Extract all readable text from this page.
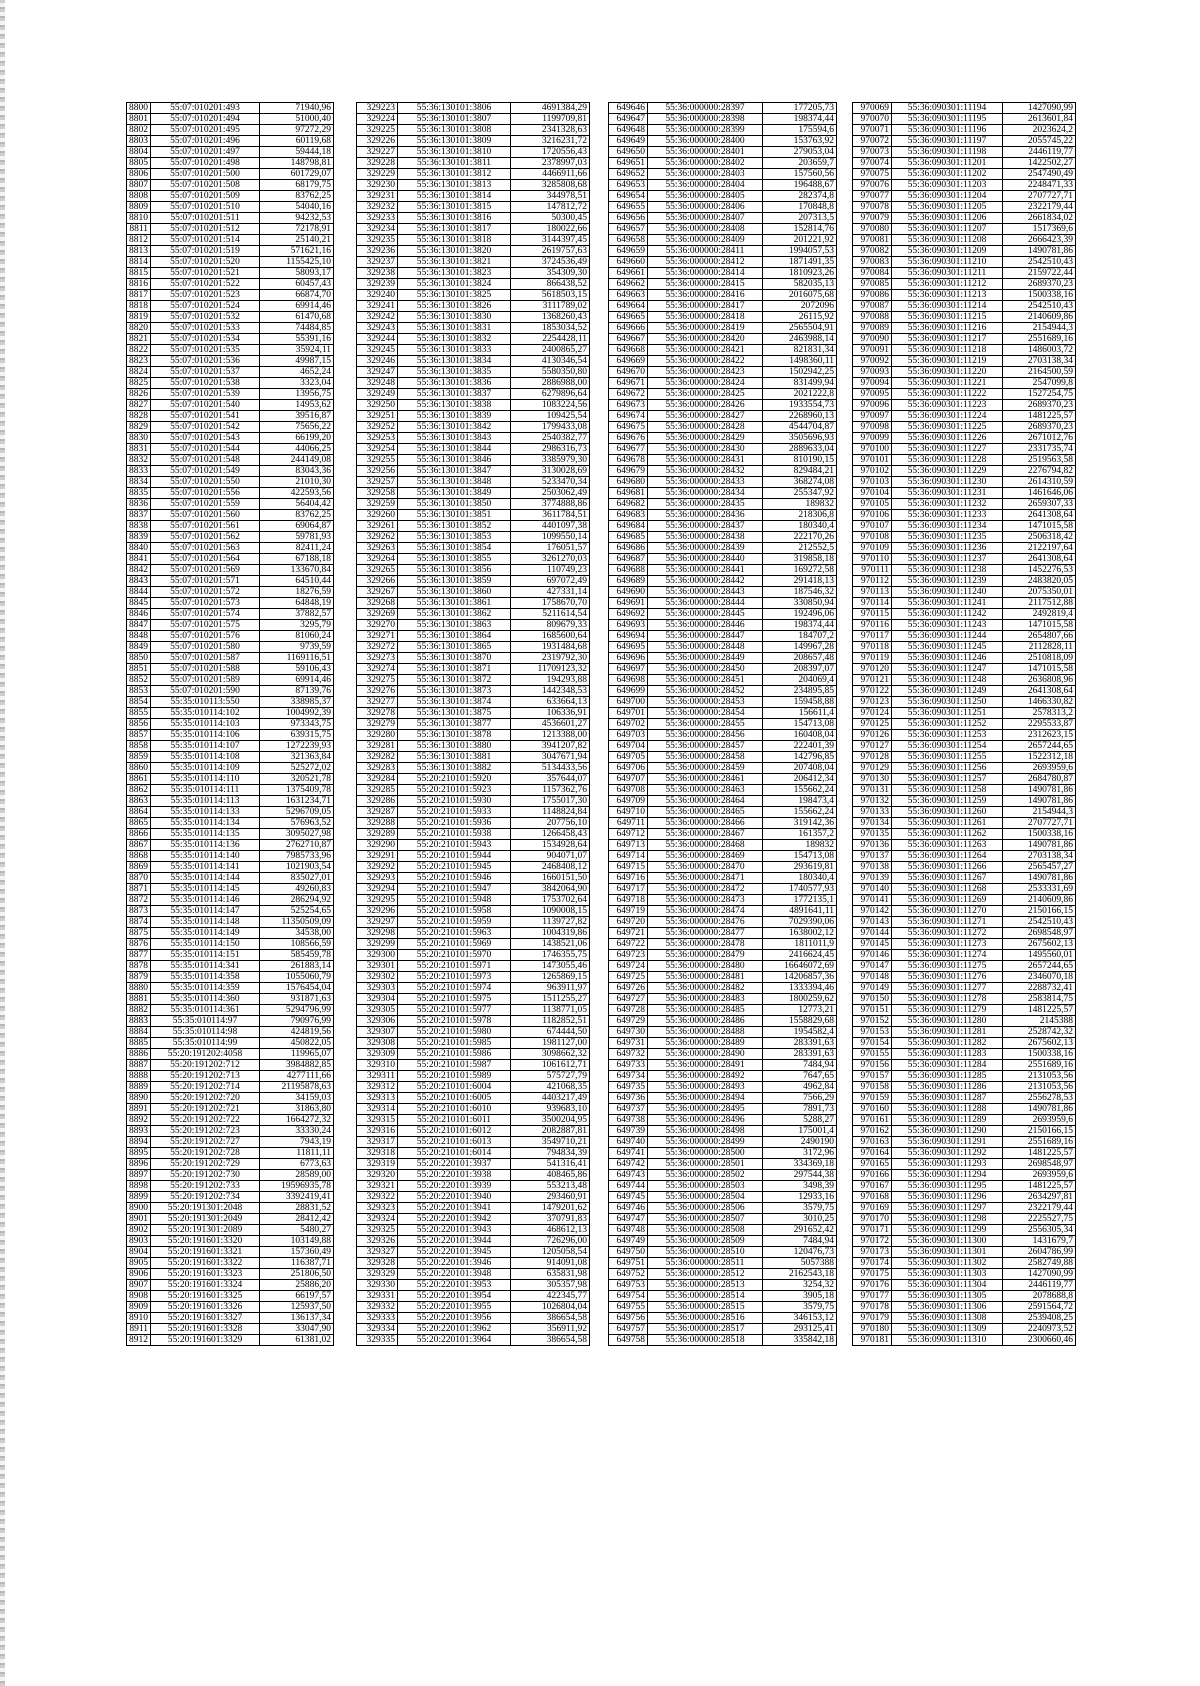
8800	55:07:010201:493	71940,96
8801	55:07:010201:494	51000,40
8802	55:07:010201:495	97272,29
8803	55:07:010201:496	60119,68
8804	55:07:010201:497	59444,18
8805	55:07:010201:498	148798,81
8806	55:07:010201:500	601729,07
8807	55:07:010201:508	68179,75
8808	55:07:010201:509	83762,25
8809	55:07:010201:510	54040,16
8810	55:07:010201:511	94232,53
8811	55:07:010201:512	72178,91
8812	55:07:010201:514	25140,21
8813	55:07:010201:519	571621,16
8814	55:07:010201:520	1155425,10
8815	55:07:010201:521	58093,17
8816	55:07:010201:522	60457,43
8817	55:07:010201:523	66874,70
8818	55:07:010201:524	69914,46
8819	55:07:010201:532	61470,68
8820	55:07:010201:533	74484,85
8821	55:07:010201:534	55391,16
8822	55:07:010201:535	35924,11
8823	55:07:010201:536	49987,15
8824	55:07:010201:537	4652,24
8825	55:07:010201:538	3323,04
8826	55:07:010201:539	13956,75
8827	55:07:010201:540	14953,62
8828	55:07:010201:541	39516,87
8829	55:07:010201:542	75656,22
8830	55:07:010201:543	66199,20
8831	55:07:010201:544	44066,25
8832	55:07:010201:548	244149,08
8833	55:07:010201:549	83043,36
8834	55:07:010201:550	21010,30
8835	55:07:010201:556	422593,56
8836	55:07:010201:559	56404,42
8837	55:07:010201:560	83762,25
8838	55:07:010201:561	69064,87
8839	55:07:010201:562	59781,93
8840	55:07:010201:563	82411,24
8841	55:07:010201:564	67188,18
8842	55:07:010201:569	133670,84
8843	55:07:010201:571	64510,44
8844	55:07:010201:572	18276,59
8845	55:07:010201:573	64848,19
8846	55:07:010201:574	37882,57
8847	55:07:010201:575	3295,79
8848	55:07:010201:576	81060,24
8849	55:07:010201:580	9739,59
8850	55:07:010201:587	1169116,51
8851	55:07:010201:588	59106,43
8852	55:07:010201:589	69914,46
8853	55:07:010201:590	87139,76
8854	55:35:010113:550	338985,37
8855	55:35:010114:102	1004992,39
8856	55:35:010114:103	973343,75
8857	55:35:010114:106	639315,75
8858	55:35:010114:107	1272239,93
8859	55:35:010114:108	321363,84
8860	55:35:010114:109	525272,02
8861	55:35:010114:110	320521,78
8862	55:35:010114:111	1375409,78
8863	55:35:010114:113	1631234,71
8864	55:35:010114:133	5296709,05
8865	55:35:010114:134	576963,52
8866	55:35:010114:135	3095027,98
8867	55:35:010114:136	2762710,87
8868	55:35:010114:140	7985733,96
8869	55:35:010114:141	1021903,54
8870	55:35:010114:144	835027,01
8871	55:35:010114:145	49260,83
8872	55:35:010114:146	286294,92
8873	55:35:010114:147	525254,65
8874	55:35:010114:148	11350509,09
8875	55:35:010114:149	34538,00
8876	55:35:010114:150	108566,59
8877	55:35:010114:151	585459,78
8878	55:35:010114:341	261883,14
8879	55:35:010114:358	1055060,79
8880	55:35:010114:359	1576454,04
8881	55:35:010114:360	931871,63
8882	55:35:010114:361	5294796,99
8883	55:35:010114:97	790976,99
8884	55:35:010114:98	424819,56
8885	55:35:010114:99	450822,05
8886	55:20:191202:4058	119965,07
8887	55:20:191202:712	3984882,85
8888	55:20:191202:713	4277111,66
8889	55:20:191202:714	21195878,63
8890	55:20:191202:720	34159,03
8891	55:20:191202:721	31863,80
8892	55:20:191202:722	1664272,32
8893	55:20:191202:723	33330,24
8894	55:20:191202:727	7943,19
8895	55:20:191202:728	11811,11
8896	55:20:191202:729	6773,63
8897	55:20:191202:730	28589,00
8898	55:20:191202:733	19596935,78
8899	55:20:191202:734	3392419,41
8900	55:20:191301:2048	28831,52
8901	55:20:191301:2049	28412,42
8902	55:20:191301:2089	5480,27
8903	55:20:191601:3320	103149,88
8904	55:20:191601:3321	157360,49
8905	55:20:191601:3322	116387,71
8906	55:20:191601:3323	251806,50
8907	55:20:191601:3324	25886,20
8908	55:20:191601:3325	66197,57
8909	55:20:191601:3326	125937,50
8910	55:20:191601:3327	136137,34
8911	55:20:191601:3328	33047,90
8912	55:20:191601:3329	61381,02
329223	55:36:130101:3806	4691384,29
329224	55:36:130101:3807	1199709,81
329225	55:36:130101:3808	2341328,63
329226	55:36:130101:3809	3216231,72
329227	55:36:130101:3810	1720556,43
329228	55:36:130101:3811	2378997,03
329229	55:36:130101:3812	4466911,66
329230	55:36:130101:3813	3285808,68
329231	55:36:130101:3814	344978,51
329232	55:36:130101:3815	147812,72
329233	55:36:130101:3816	50300,45
329234	55:36:130101:3817	180022,66
329235	55:36:130101:3818	3144397,45
329236	55:36:130101:3820	2619757,63
329237	55:36:130101:3821	3724536,49
329238	55:36:130101:3823	354309,30
329239	55:36:130101:3824	866438,52
329240	55:36:130101:3825	5618503,15
329241	55:36:130101:3826	3111789,02
329242	55:36:130101:3830	1368260,43
329243	55:36:130101:3831	1853034,52
329244	55:36:130101:3832	2254428,11
329245	55:36:130101:3833	2400865,27
329246	55:36:130101:3834	4130346,54
329247	55:36:130101:3835	5580350,80
329248	55:36:130101:3836	2886988,00
329249	55:36:130101:3837	6279896,64
329250	55:36:130101:3838	1083224,56
329251	55:36:130101:3839	109425,54
329252	55:36:130101:3842	1799433,08
329253	55:36:130101:3843	2540382,77
329254	55:36:130101:3844	2986316,73
329255	55:36:130101:3846	3385979,30
329256	55:36:130101:3847	3130028,69
329257	55:36:130101:3848	5233470,34
329258	55:36:130101:3849	2503062,49
329259	55:36:130101:3850	3774888,86
329260	55:36:130101:3851	3611784,51
329261	55:36:130101:3852	4401097,38
329262	55:36:130101:3853	1099550,14
329263	55:36:130101:3854	176051,57
329264	55:36:130101:3855	3261270,03
329265	55:36:130101:3856	110749,23
329266	55:36:130101:3859	697072,49
329267	55:36:130101:3860	427331,14
329268	55:36:130101:3861	1758670,70
329269	55:36:130101:3862	5211614,54
329270	55:36:130101:3863	809679,33
329271	55:36:130101:3864	1685600,64
329272	55:36:130101:3865	1931484,68
329273	55:36:130101:3870	2319792,30
329274	55:36:130101:3871	11709123,32
329275	55:36:130101:3872	194293,88
329276	55:36:130101:3873	1442348,53
329277	55:36:130101:3874	633664,13
329278	55:36:130101:3875	106336,91
329279	55:36:130101:3877	4536601,27
329280	55:36:130101:3878	1213388,00
329281	55:36:130101:3880	3941207,82
329282	55:36:130101:3881	3047671,94
329283	55:36:130101:3882	5134433,56
329284	55:20:210101:5920	357644,07
329285	55:20:210101:5923	1157362,76
329286	55:20:210101:5930	1755017,30
329287	55:20:210101:5933	1148824,84
329288	55:20:210101:5936	207756,10
329289	55:20:210101:5938	1266458,43
329290	55:20:210101:5943	1534928,64
329291	55:20:210101:5944	904071,07
329292	55:20:210101:5945	2468408,12
329293	55:20:210101:5946	1660151,50
329294	55:20:210101:5947	3842064,90
329295	55:20:210101:5948	1753702,64
329296	55:20:210101:5958	1090008,15
329297	55:20:210101:5959	1139727,82
329298	55:20:210101:5963	1004319,86
329299	55:20:210101:5969	1438521,06
329300	55:20:210101:5970	1746355,75
329301	55:20:210101:5971	1473055,46
329302	55:20:210101:5973	1265869,15
329303	55:20:210101:5974	963911,97
329304	55:20:210101:5975	1511255,27
329305	55:20:210101:5977	1138771,05
329306	55:20:210101:5978	1182852,51
329307	55:20:210101:5980	674444,50
329308	55:20:210101:5985	1981127,00
329309	55:20:210101:5986	3098662,32
329310	55:20:210101:5987	1061612,71
329311	55:20:210101:5989	575727,79
329312	55:20:210101:6004	421068,35
329313	55:20:210101:6005	4403217,49
329314	55:20:210101:6010	939683,10
329315	55:20:210101:6011	3500204,95
329316	55:20:210101:6012	2082887,81
329317	55:20:210101:6013	3549710,21
329318	55:20:210101:6014	794834,39
329319	55:20:220101:3937	541316,41
329320	55:20:220101:3938	408465,86
329321	55:20:220101:3939	553213,48
329322	55:20:220101:3940	293460,91
329323	55:20:220101:3941	1479201,62
329324	55:20:220101:3942	370791,83
329325	55:20:220101:3943	468612,13
329326	55:20:220101:3944	726296,00
329327	55:20:220101:3945	1205058,54
329328	55:20:220101:3946	914091,08
329329	55:20:220101:3948	635831,98
329330	55:20:220101:3953	305357,98
329331	55:20:220101:3954	422345,77
329332	55:20:220101:3955	1026804,04
329333	55:20:220101:3956	386654,58
329334	55:20:220101:3962	356911,92
329335	55:20:220101:3964	386654,58
649646	55:36:000000:28397	177205,73
649647	55:36:000000:28398	198374,44
649648	55:36:000000:28399	175594,6
649649	55:36:000000:28400	153763,92
649650	55:36:000000:28401	279053,04
649651	55:36:000000:28402	203659,7
649652	55:36:000000:28403	157560,56
649653	55:36:000000:28404	196488,67
649654	55:36:000000:28405	282374,8
649655	55:36:000000:28406	170848,8
649656	55:36:000000:28407	207313,5
649657	55:36:000000:28408	152814,76
649658	55:36:000000:28409	201221,92
649659	55:36:000000:28411	1994057,53
649660	55:36:000000:28412	1871491,35
649661	55:36:000000:28414	1810923,26
649662	55:36:000000:28415	582035,13
649663	55:36:000000:28416	2016075,68
649664	55:36:000000:28417	2072096
649665	55:36:000000:28418	26115,92
649666	55:36:000000:28419	2565504,91
649667	55:36:000000:28420	2463988,14
649668	55:36:000000:28421	821831,34
649669	55:36:000000:28422	1498360,11
649670	55:36:000000:28423	1502942,25
649671	55:36:000000:28424	831499,94
649672	55:36:000000:28425	2021222,8
649673	55:36:000000:28426	1933554,73
649674	55:36:000000:28427	2268960,13
649675	55:36:000000:28428	4544704,87
649676	55:36:000000:28429	3505696,93
649677	55:36:000000:28430	2889633,04
649678	55:36:000000:28431	810190,15
649679	55:36:000000:28432	829484,21
649680	55:36:000000:28433	368274,08
649681	55:36:000000:28434	255347,92
649682	55:36:000000:28435	189832
649683	55:36:000000:28436	218306,8
649684	55:36:000000:28437	180340,4
649685	55:36:000000:28438	222170,26
649686	55:36:000000:28439	212552,5
649687	55:36:000000:28440	319858,18
649688	55:36:000000:28441	169272,58
649689	55:36:000000:28442	291418,13
649690	55:36:000000:28443	187546,32
649691	55:36:000000:28444	330850,94
649692	55:36:000000:28445	192496,06
649693	55:36:000000:28446	198374,44
649694	55:36:000000:28447	184707,2
649695	55:36:000000:28448	149967,28
649696	55:36:000000:28449	208657,48
649697	55:36:000000:28450	208397,07
649698	55:36:000000:28451	204069,4
649699	55:36:000000:28452	234895,85
649700	55:36:000000:28453	159458,88
649701	55:36:000000:28454	156611,4
649702	55:36:000000:28455	154713,08
649703	55:36:000000:28456	160408,04
649704	55:36:000000:28457	222401,39
649705	55:36:000000:28458	142796,85
649706	55:36:000000:28459	207408,04
649707	55:36:000000:28461	206412,34
649708	55:36:000000:28463	155662,24
649709	55:36:000000:28464	198473,4
649710	55:36:000000:28465	155662,24
649711	55:36:000000:28466	319142,36
649712	55:36:000000:28467	161357,2
649713	55:36:000000:28468	189832
649714	55:36:000000:28469	154713,08
649715	55:36:000000:28470	293619,81
649716	55:36:000000:28471	180340,4
649717	55:36:000000:28472	1740577,93
649718	55:36:000000:28473	1772135,1
649719	55:36:000000:28474	4891641,11
649720	55:36:000000:28476	7029390,06
649721	55:36:000000:28477	1638002,12
649722	55:36:000000:28478	1811011,9
649723	55:36:000000:28479	2416624,45
649724	55:36:000000:28480	16646072,69
649725	55:36:000000:28481	14206857,36
649726	55:36:000000:28482	1333394,46
649727	55:36:000000:28483	1800259,62
649728	55:36:000000:28485	12773,21
649729	55:36:000000:28486	1558829,68
649730	55:36:000000:28488	1954582,4
649731	55:36:000000:28489	283391,63
649732	55:36:000000:28490	283391,63
649733	55:36:000000:28491	7484,94
649734	55:36:000000:28492	7647,65
649735	55:36:000000:28493	4962,84
649736	55:36:000000:28494	7566,29
649737	55:36:000000:28495	7891,73
649738	55:36:000000:28496	5288,27
649739	55:36:000000:28498	175001,4
649740	55:36:000000:28499	2490190
649741	55:36:000000:28500	3172,96
649742	55:36:000000:28501	334369,18
649743	55:36:000000:28502	297544,38
649744	55:36:000000:28503	3498,39
649745	55:36:000000:28504	12933,16
649746	55:36:000000:28506	3579,75
649747	55:36:000000:28507	3010,25
649748	55:36:000000:28508	291652,42
649749	55:36:000000:28509	7484,94
649750	55:36:000000:28510	120476,73
649751	55:36:000000:28511	5057388
649752	55:36:000000:28512	2162543,18
649753	55:36:000000:28513	3254,32
649754	55:36:000000:28514	3905,18
649755	55:36:000000:28515	3579,75
649756	55:36:000000:28516	346153,12
649757	55:36:000000:28517	293125,41
649758	55:36:000000:28518	335842,18
970069	55:36:090301:11194	1427090,99
970070	55:36:090301:11195	2613601,84
970071	55:36:090301:11196	2023624,2
970072	55:36:090301:11197	2055745,22
970073	55:36:090301:11198	2446119,77
970074	55:36:090301:11201	1422502,27
970075	55:36:090301:11202	2547490,49
970076	55:36:090301:11203	2248471,33
970077	55:36:090301:11204	2707727,71
970078	55:36:090301:11205	2322179,44
970079	55:36:090301:11206	2661834,02
970080	55:36:090301:11207	1517369,6
970081	55:36:090301:11208	2666423,39
970082	55:36:090301:11209	1490781,86
970083	55:36:090301:11210	2542510,43
970084	55:36:090301:11211	2159722,44
970085	55:36:090301:11212	2689370,23
970086	55:36:090301:11213	1500338,16
970087	55:36:090301:11214	2542510,43
970088	55:36:090301:11215	2140609,86
970089	55:36:090301:11216	2154944,3
970090	55:36:090301:11217	2551689,16
970091	55:36:090301:11218	1486003,72
970092	55:36:090301:11219	2703138,34
970093	55:36:090301:11220	2164500,59
970094	55:36:090301:11221	2547099,8
970095	55:36:090301:11222	1527254,75
970096	55:36:090301:11223	2689370,23
970097	55:36:090301:11224	1481225,57
970098	55:36:090301:11225	2689370,23
970099	55:36:090301:11226	2671012,76
970100	55:36:090301:11227	2331735,74
970101	55:36:090301:11228	2519563,58
970102	55:36:090301:11229	2276794,82
970103	55:36:090301:11230	2614310,59
970104	55:36:090301:11231	1461646,06
970105	55:36:090301:11232	2659307,33
970106	55:36:090301:11233	2641308,64
970107	55:36:090301:11234	1471015,58
970108	55:36:090301:11235	2506318,42
970109	55:36:090301:11236	2122197,64
970110	55:36:090301:11237	2641308,64
970111	55:36:090301:11238	1452276,53
970112	55:36:090301:11239	2483820,05
970113	55:36:090301:11240	2075350,01
970114	55:36:090301:11241	2117512,88
970115	55:36:090301:11242	2492819,4
970116	55:36:090301:11243	1471015,58
970117	55:36:090301:11244	2654807,66
970118	55:36:090301:11245	2112828,11
970119	55:36:090301:11246	2510818,09
970120	55:36:090301:11247	1471015,58
970121	55:36:090301:11248	2636808,96
970122	55:36:090301:11249	2641308,64
970123	55:36:090301:11250	1466330,82
970124	55:36:090301:11251	2578313,2
970125	55:36:090301:11252	2295533,87
970126	55:36:090301:11253	2312623,15
970127	55:36:090301:11254	2657244,65
970128	55:36:090301:11255	1522312,18
970129	55:36:090301:11256	2693959,6
970130	55:36:090301:11257	2684780,87
970131	55:36:090301:11258	1490781,86
970132	55:36:090301:11259	1490781,86
970133	55:36:090301:11260	2154944,3
970134	55:36:090301:11261	2707727,71
970135	55:36:090301:11262	1500338,16
970136	55:36:090301:11263	1490781,86
970137	55:36:090301:11264	2703138,34
970138	55:36:090301:11266	2565457,27
970139	55:36:090301:11267	1490781,86
970140	55:36:090301:11268	2533331,69
970141	55:36:090301:11269	2140609,86
970142	55:36:090301:11270	2150166,15
970143	55:36:090301:11271	2542510,43
970144	55:36:090301:11272	2698548,97
970145	55:36:090301:11273	2675602,13
970146	55:36:090301:11274	1495560,01
970147	55:36:090301:11275	2657244,65
970148	55:36:090301:11276	2346070,18
970149	55:36:090301:11277	2288732,41
970150	55:36:090301:11278	2583814,75
970151	55:36:090301:11279	1481225,57
970152	55:36:090301:11280	2145388
970153	55:36:090301:11281	2528742,32
970154	55:36:090301:11282	2675602,13
970155	55:36:090301:11283	1500338,16
970156	55:36:090301:11284	2551689,16
970157	55:36:090301:11285	2131053,56
970158	55:36:090301:11286	2131053,56
970159	55:36:090301:11287	2556278,53
970160	55:36:090301:11288	1490781,86
970161	55:36:090301:11289	2693959,6
970162	55:36:090301:11290	2150166,15
970163	55:36:090301:11291	2551689,16
970164	55:36:090301:11292	1481225,57
970165	55:36:090301:11293	2698548,97
970166	55:36:090301:11294	2693959,6
970167	55:36:090301:11295	1481225,57
970168	55:36:090301:11296	2634297,81
970169	55:36:090301:11297	2322179,44
970170	55:36:090301:11298	2225527,75
970171	55:36:090301:11299	2556305,34
970172	55:36:090301:11300	1431679,7
970173	55:36:090301:11301	2604786,99
970174	55:36:090301:11302	2582749,88
970175	55:36:090301:11303	1427090,99
970176	55:36:090301:11304	2446119,77
970177	55:36:090301:11305	2078688,8
970178	55:36:090301:11306	2591564,72
970179	55:36:090301:11308	2539408,25
970180	55:36:090301:11309	2240973,52
970181	55:36:090301:11310	2300660,46
